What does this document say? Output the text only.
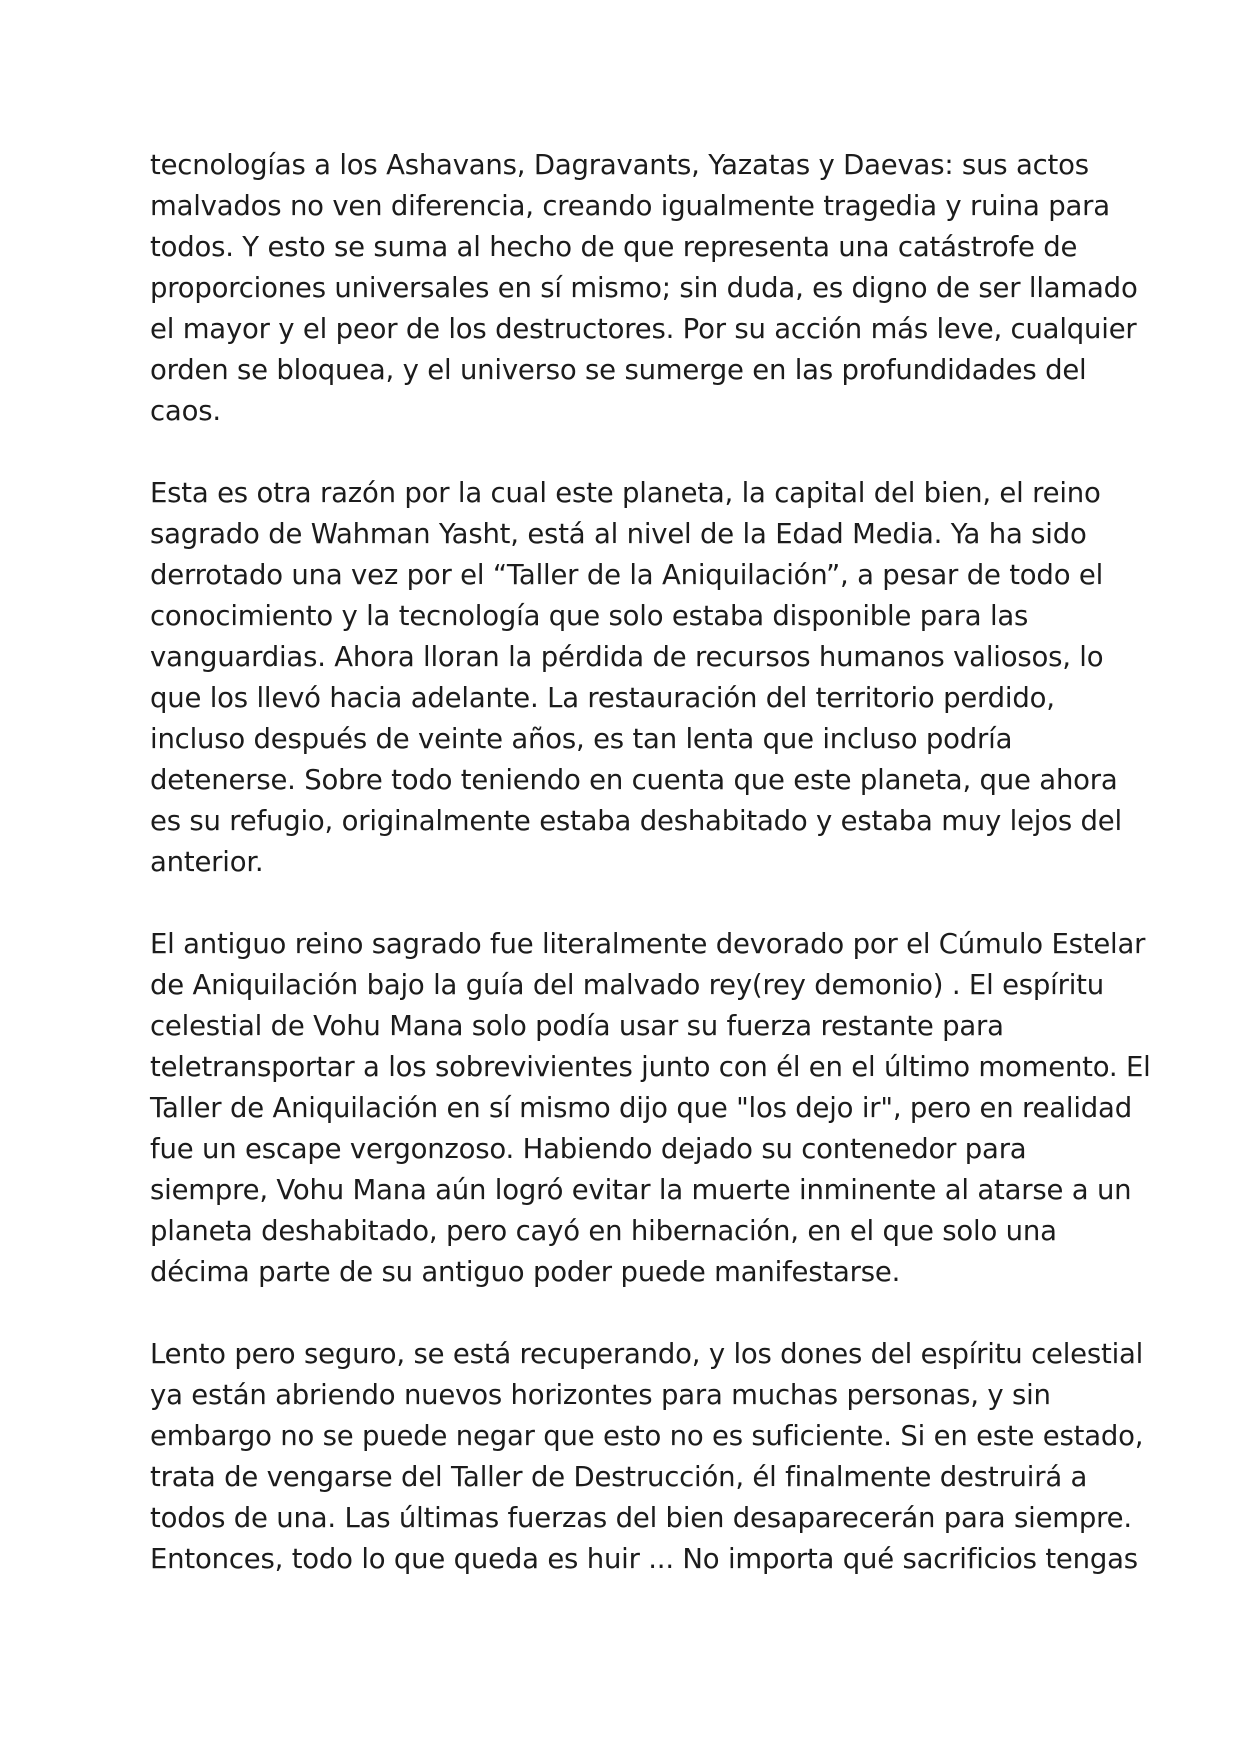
tecnologías a los Ashavans, Dagravants, Yazatas y Daevas: sus actos
malvados no ven diferencia, creando igualmente tragedia y ruina para
todos. Y esto se suma al hecho de que representa una catástrofe de
proporciones universales en sí mismo; sin duda, es digno de ser llamado
el mayor y el peor de los destructores. Por su acción más leve, cualquier
orden se bloquea, y el universo se sumerge en las profundidades del
caos.

Esta es otra razón por la cual este planeta, la capital del bien, el reino
sagrado de Wahman Yasht, está al nivel de la Edad Media. Ya ha sido
derrotado una vez por el “Taller de la Aniquilación”, a pesar de todo el
conocimiento y la tecnología que solo estaba disponible para las
vanguardias. Ahora lloran la pérdida de recursos humanos valiosos, lo
que los llevó hacia adelante. La restauración del territorio perdido,
incluso después de veinte años, es tan lenta que incluso podría
detenerse. Sobre todo teniendo en cuenta que este planeta, que ahora
es su refugio, originalmente estaba deshabitado y estaba muy lejos del
anterior.

El antiguo reino sagrado fue literalmente devorado por el Cúmulo Estelar
de Aniquilación bajo la guía del malvado rey(rey demonio) . El espíritu
celestial de Vohu Mana solo podía usar su fuerza restante para
teletransportar a los sobrevivientes junto con él en el último momento. El
Taller de Aniquilación en sí mismo dijo que "los dejo ir", pero en realidad
fue un escape vergonzoso. Habiendo dejado su contenedor para
siempre, Vohu Mana aún logró evitar la muerte inminente al atarse a un
planeta deshabitado, pero cayó en hibernación, en el que solo una
décima parte de su antiguo poder puede manifestarse.

Lento pero seguro, se está recuperando, y los dones del espíritu celestial
ya están abriendo nuevos horizontes para muchas personas, y sin
embargo no se puede negar que esto no es suficiente. Si en este estado,
trata de vengarse del Taller de Destrucción, él finalmente destruirá a
todos de una. Las últimas fuerzas del bien desaparecerán para siempre.
Entonces, todo lo que queda es huir ... No importa qué sacrificios tengas
